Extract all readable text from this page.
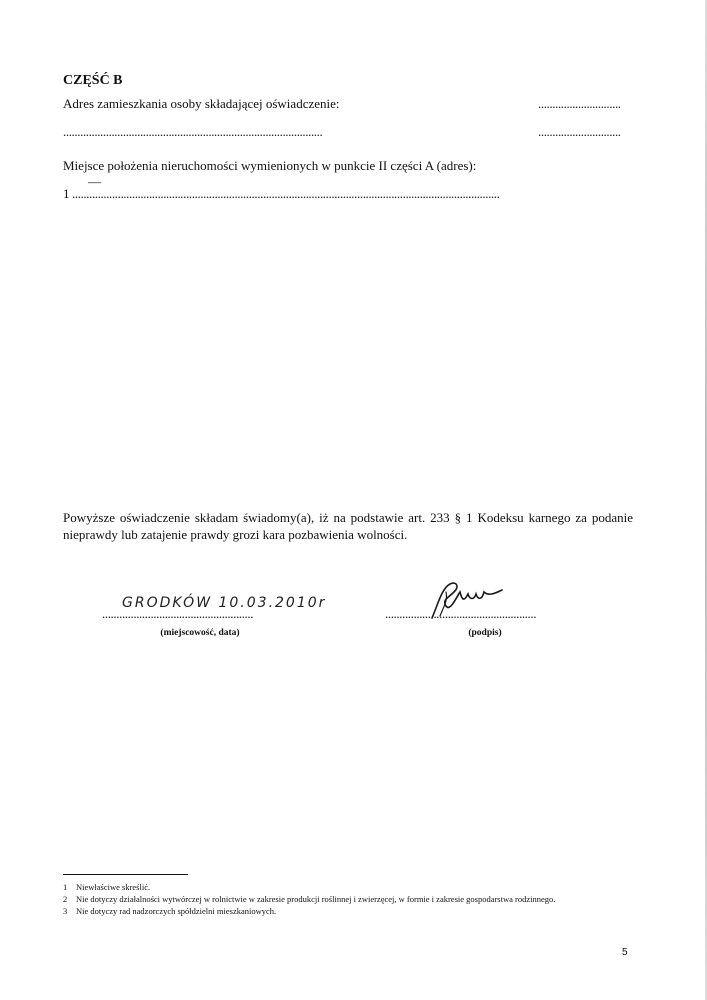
CZĘŚĆ B
Adres zamieszkania osoby składającej oświadczenie:	.............................
...........................................................................................	.............................
Miejsce położenia nieruchomości wymienionych w punkcie II części A (adres):
1 ......................................................................................................................................................
—
Powyższe oświadczenie składam świadomy(a), iż na podstawie art. 233 § 1 Kodeksu karnego za podanie nieprawdy lub zatajenie prawdy grozi kara pozbawienia wolności.
GRODKÓW 10.03.2010r
.....................................................
(miejscowość, data)
.....................................................
(podpis)
1 Niewłaściwe skreślić.
2 Nie dotyczy działalności wytwórczej w rolnictwie w zakresie produkcji roślinnej i zwierzęcej, w formie i zakresie gospodarstwa rodzinnego.
3 Nie dotyczy rad nadzorczych spółdzielni mieszkaniowych.
5
